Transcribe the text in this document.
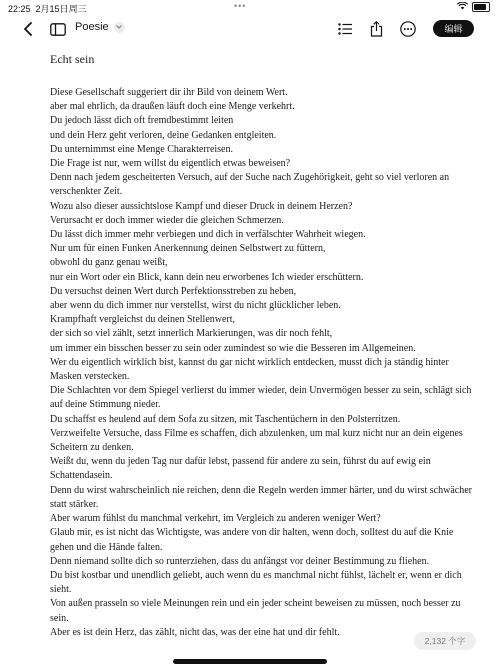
22:25 2月15日周三	•••
Poesie	编辑
Echt sein

Diese Gesellschaft suggeriert dir ihr Bild von deinem Wert.

aber mal ehrlich, da draußen läuft doch eine Menge verkehrt.

Du jedoch lässt dich oft fremdbestimmt leiten

und dein Herz geht verloren, deine Gedanken entgleiten.

Du unternimmst eine Menge Charakterreisen.

Die Frage ist nur, wem willst du eigentlich etwas beweisen?

Denn nach jedem gescheiterten Versuch, auf der Suche nach Zugehörigkeit, geht so viel verloren an verschenkter Zeit.

Wozu also dieser aussichtslose Kampf und dieser Druck in deinem Herzen?

Verursacht er doch immer wieder die gleichen Schmerzen.

Du lässt dich immer mehr verbiegen und dich in verfälschter Wahrheit wiegen.

Nur um für einen Funken Anerkennung deinen Selbstwert zu füttern,

obwohl du ganz genau weißt,

nur ein Wort oder ein Blick, kann dein neu erworbenes Ich wieder erschüttern.

Du versuchst deinen Wert durch Perfektionsstreben zu heben,

aber wenn du dich immer nur verstellst, wirst du nicht glücklicher leben.

Krampfhaft vergleichst du deinen Stellenwert,

der sich so viel zählt, setzt innerlich Markierungen, was dir noch fehlt,

um immer ein bisschen besser zu sein oder zumindest so wie die Besseren im Allgemeinen.

Wer du eigentlich wirklich bist, kannst du gar nicht wirklich entdecken, musst dich ja ständig hinter Masken verstecken.

Die Schlachten vor dem Spiegel verlierst du immer wieder, dein Unvermögen besser zu sein, schlägt sich auf deine Stimmung nieder.

Du schaffst es heulend auf dem Sofa zu sitzen, mit Taschentüchern in den Polsterritzen.

Verzweifelte Versuche, dass Filme es schaffen, dich abzulenken, um mal kurz nicht nur an dein eigenes Scheitern zu denken.

Weißt du, wenn du jeden Tag nur dafür lebst, passend für andere zu sein, führst du auf ewig ein Schattendasein.

Denn du wirst wahrscheinlich nie reichen, denn die Regeln werden immer härter, und du wirst schwächer statt stärker.

Aber warum fühlst du manchmal verkehrt, im Vergleich zu anderen weniger Wert?

Glaub mir, es ist nicht das Wichtigste, was andere von dir halten, wenn doch, solltest du auf die Knie gehen und die Hände falten.

Denn niemand sollte dich so runterziehen, dass du anfängst vor deiner Bestimmung zu fliehen.

Du bist kostbar und unendlich geliebt, auch wenn du es manchmal nicht fühlst, lächelt er, wenn er dich sieht.

Von außen prasseln so viele Meinungen rein und ein jeder scheint beweisen zu müssen, noch besser zu sein.

Aber es ist dein Herz, das zählt, nicht das, was der eine hat und dir fehlt.

2,132 个字
